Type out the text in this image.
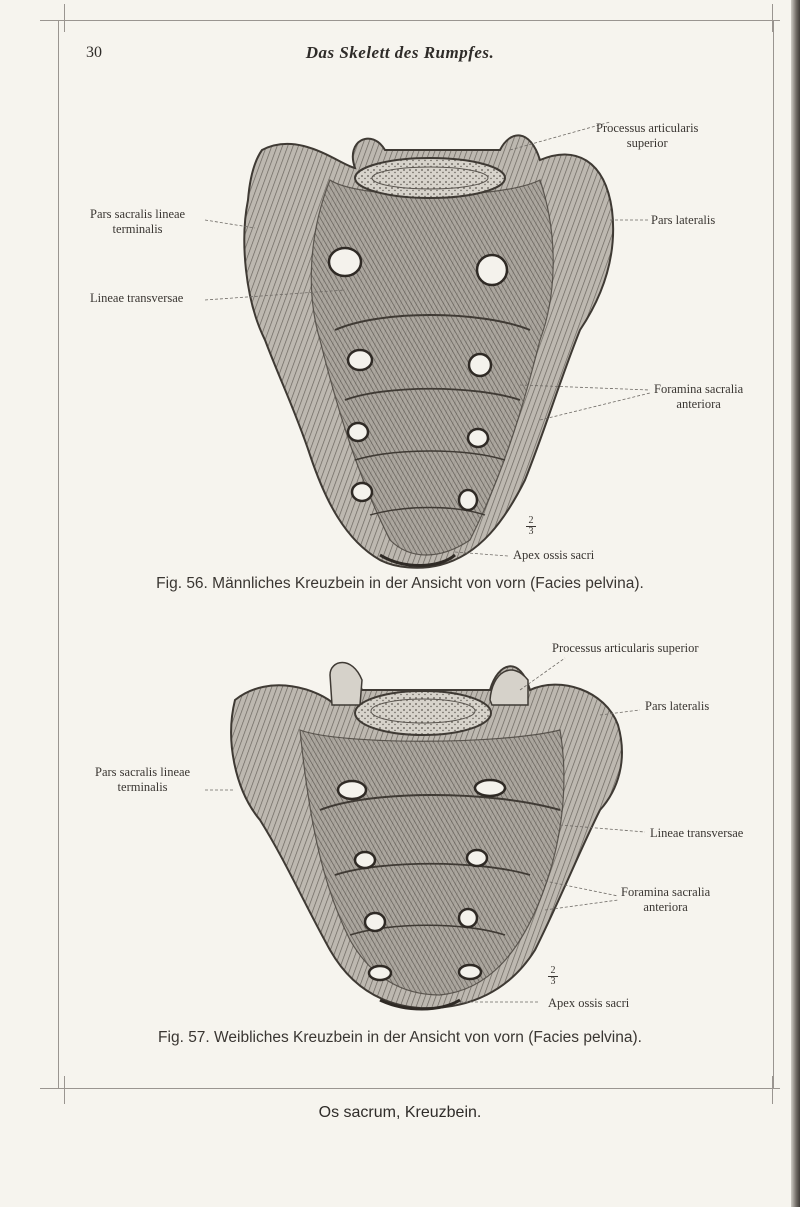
30	Das Skelett des Rumpfes.
Processus articularis
superior
Pars sacralis lineae
terminalis
Pars lateralis
Lineae transversae
Foramina sacralia
anteriora
2
3
Apex ossis sacri
Fig. 56. Männliches Kreuzbein in der Ansicht von vorn (Facies pelvina).
Processus articularis superior
Pars lateralis
Pars sacralis lineae
terminalis
Lineae transversae
Foramina sacralia
anteriora
2
3
Apex ossis sacri
Fig. 57. Weibliches Kreuzbein in der Ansicht von vorn (Facies pelvina).
Os sacrum, Kreuzbein.
